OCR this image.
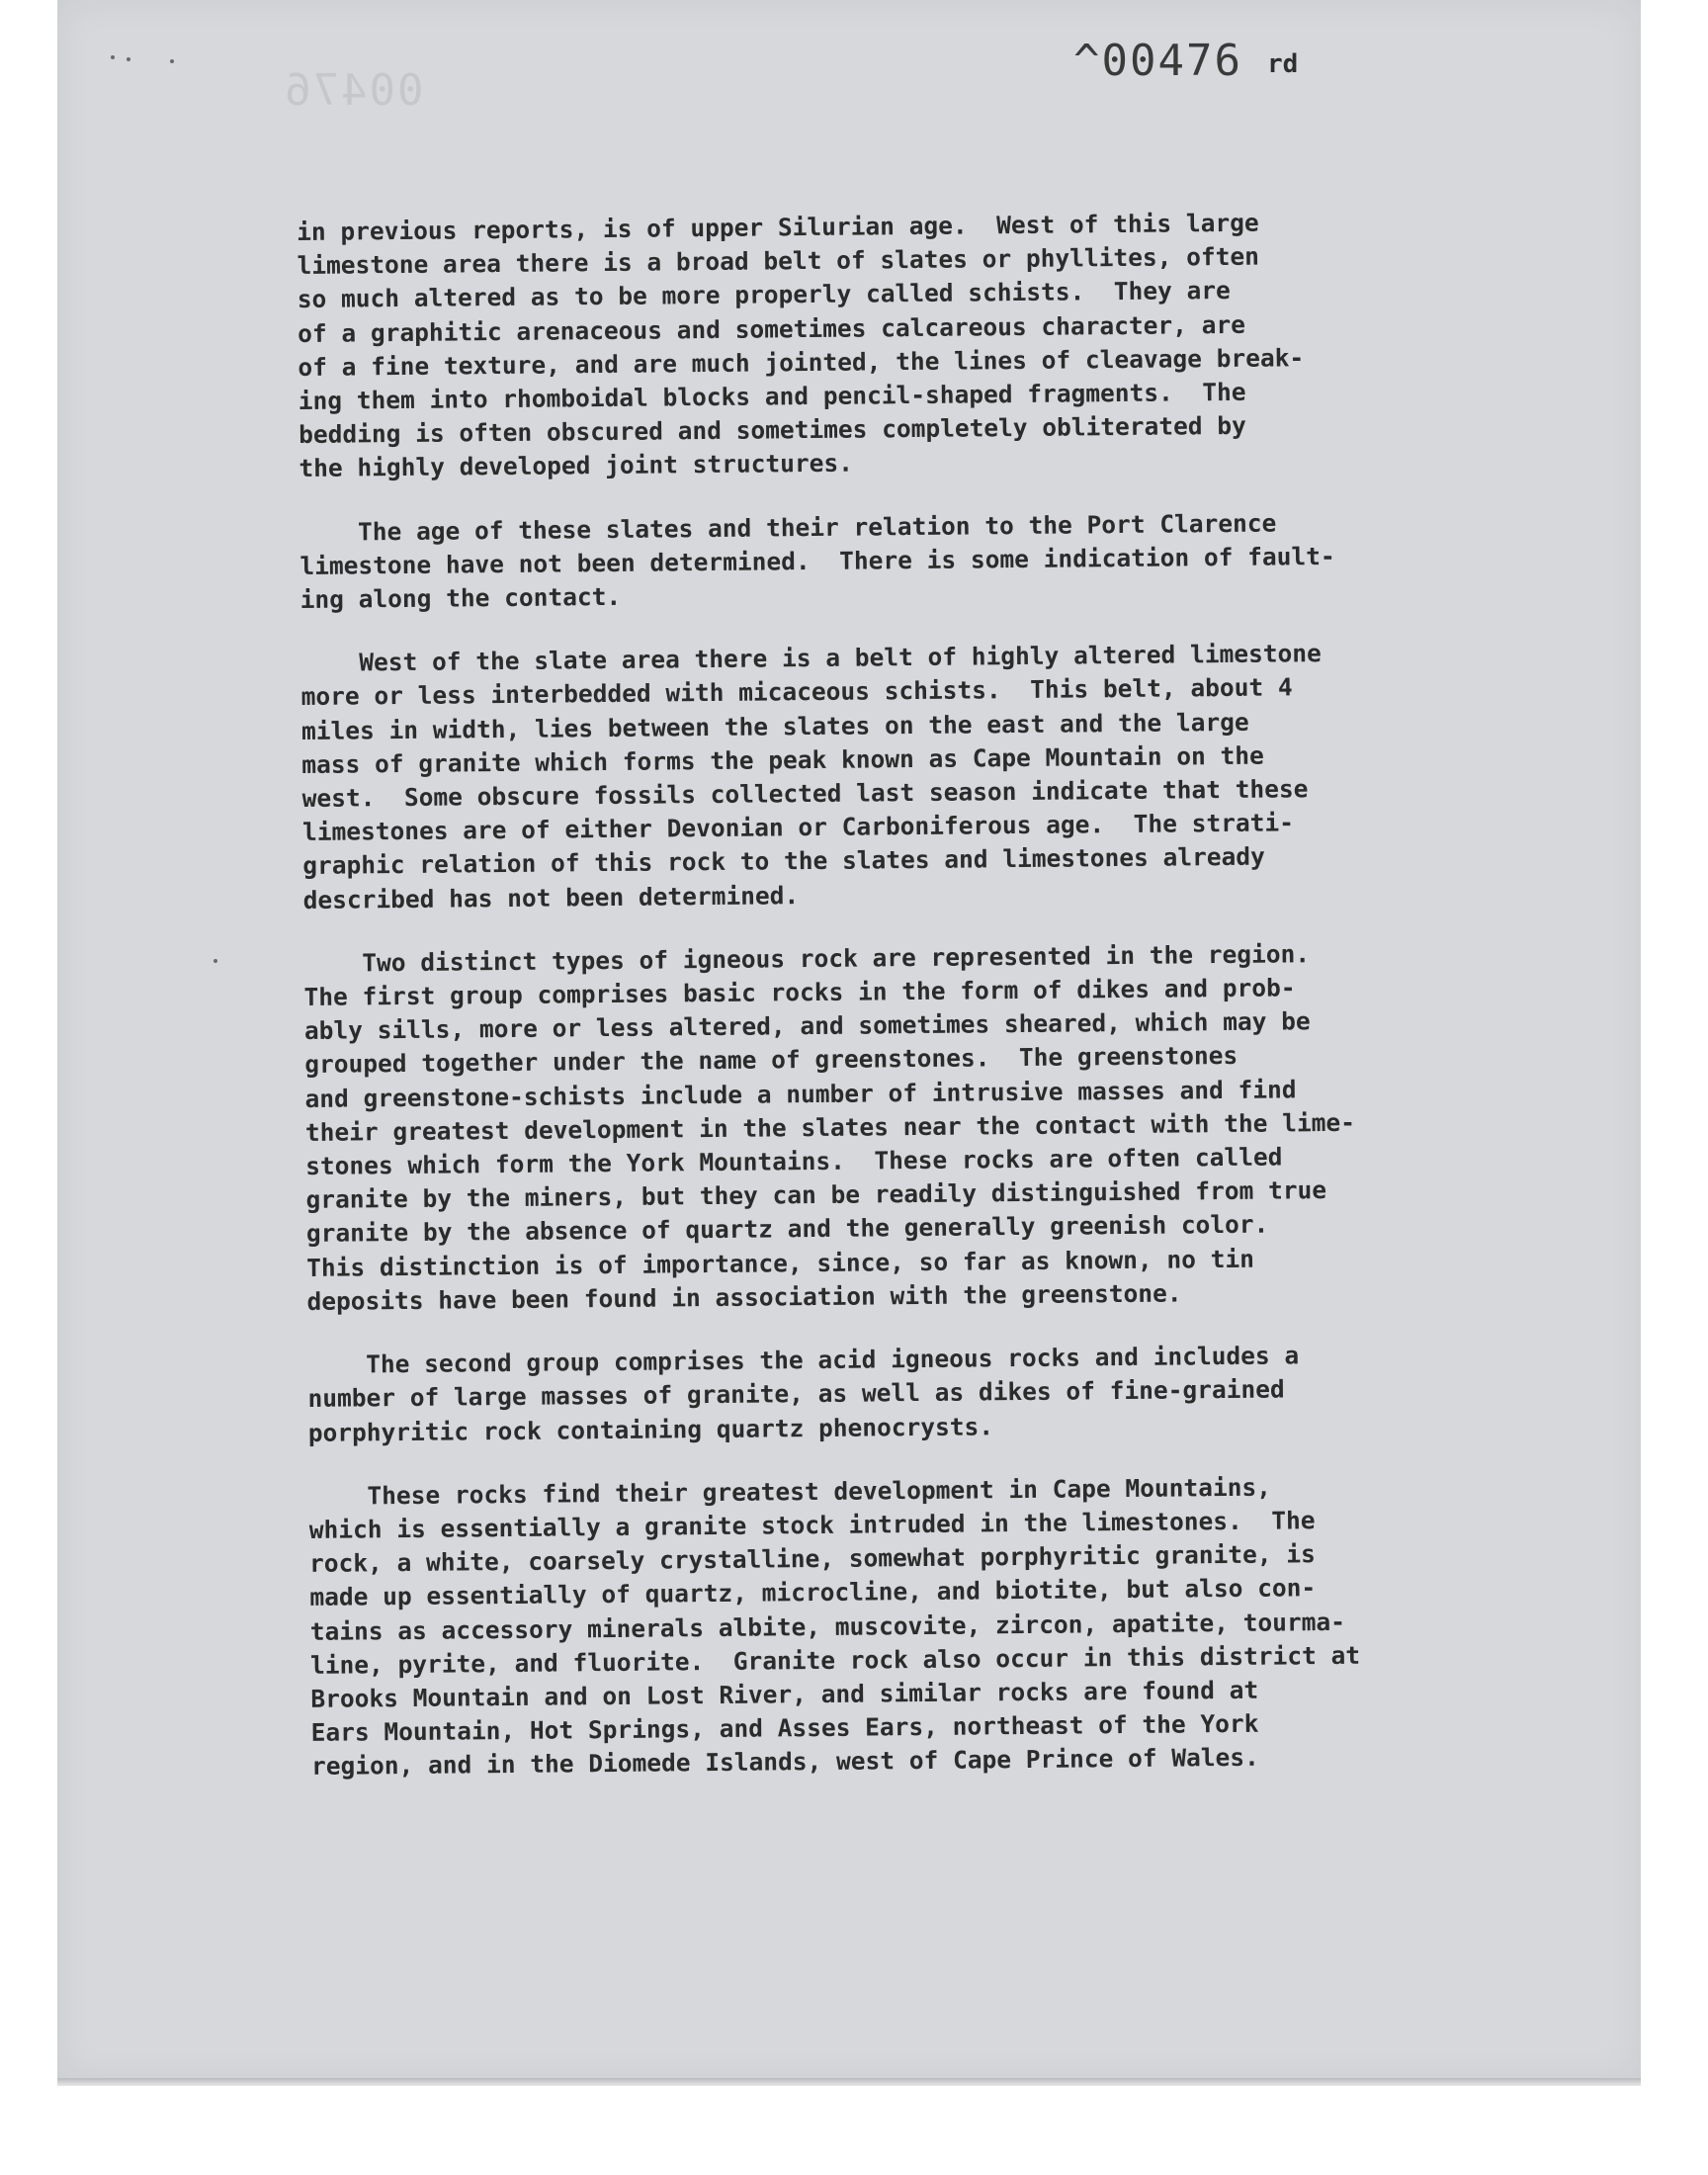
00476
^00476 rd
in previous reports, is of upper Silurian age.  West of this large
limestone area there is a broad belt of slates or phyllites, often
so much altered as to be more properly called schists.  They are
of a graphitic arenaceous and sometimes calcareous character, are
of a fine texture, and are much jointed, the lines of cleavage break-
ing them into rhomboidal blocks and pencil-shaped fragments.  The
bedding is often obscured and sometimes completely obliterated by
the highly developed joint structures.
The age of these slates and their relation to the Port Clarence
limestone have not been determined.  There is some indication of fault-
ing along the contact.
West of the slate area there is a belt of highly altered limestone
more or less interbedded with micaceous schists.  This belt, about 4
miles in width, lies between the slates on the east and the large
mass of granite which forms the peak known as Cape Mountain on the
west.  Some obscure fossils collected last season indicate that these
limestones are of either Devonian or Carboniferous age.  The strati-
graphic relation of this rock to the slates and limestones already
described has not been determined.
Two distinct types of igneous rock are represented in the region.
The first group comprises basic rocks in the form of dikes and prob-
ably sills, more or less altered, and sometimes sheared, which may be
grouped together under the name of greenstones.  The greenstones
and greenstone-schists include a number of intrusive masses and find
their greatest development in the slates near the contact with the lime-
stones which form the York Mountains.  These rocks are often called
granite by the miners, but they can be readily distinguished from true
granite by the absence of quartz and the generally greenish color.
This distinction is of importance, since, so far as known, no tin
deposits have been found in association with the greenstone.
The second group comprises the acid igneous rocks and includes a
number of large masses of granite, as well as dikes of fine-grained
porphyritic rock containing quartz phenocrysts.
These rocks find their greatest development in Cape Mountains,
which is essentially a granite stock intruded in the limestones.  The
rock, a white, coarsely crystalline, somewhat porphyritic granite, is
made up essentially of quartz, microcline, and biotite, but also con-
tains as accessory minerals albite, muscovite, zircon, apatite, tourma-
line, pyrite, and fluorite.  Granite rock also occur in this district at
Brooks Mountain and on Lost River, and similar rocks are found at
Ears Mountain, Hot Springs, and Asses Ears, northeast of the York
region, and in the Diomede Islands, west of Cape Prince of Wales.
